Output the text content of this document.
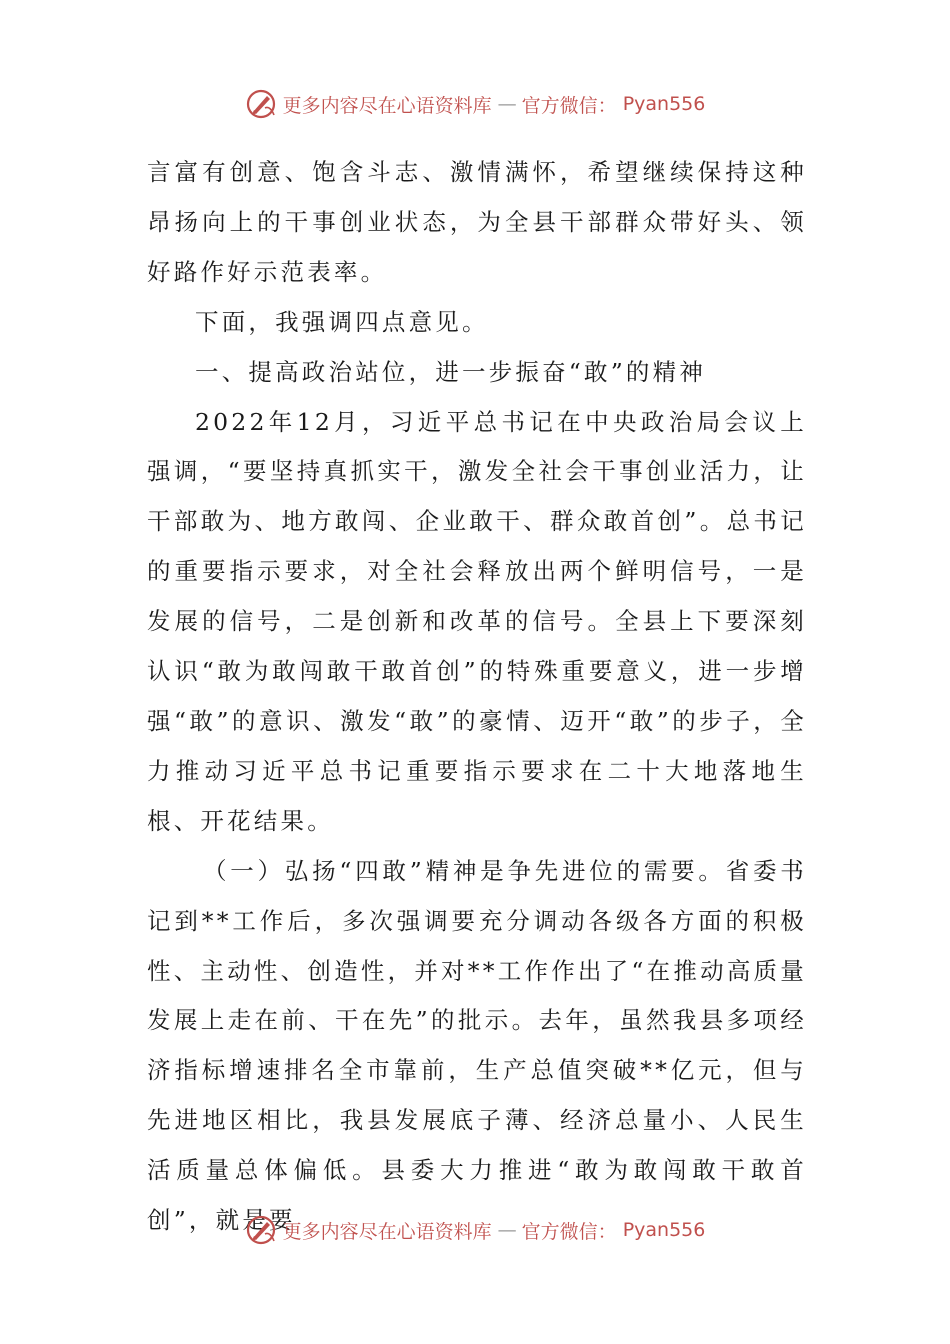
更多内容尽在心语资料库 — 官方微信： Pyan556

言富有创意、饱含斗志、激情满怀，希望继续保持这种昂扬向上的干事创业状态，为全县干部群众带好头、领好路作好示范表率。

下面，我强调四点意见。

一、提高政治站位，进一步振奋“敢”的精神

2022年12月，习近平总书记在中央政治局会议上强调，“要坚持真抓实干，激发全社会干事创业活力，让干部敢为、地方敢闯、企业敢干、群众敢首创”。总书记的重要指示要求，对全社会释放出两个鲜明信号，一是发展的信号，二是创新和改革的信号。全县上下要深刻认识“敢为敢闯敢干敢首创”的特殊重要意义，进一步增强“敢”的意识、激发“敢”的豪情、迈开“敢”的步子，全力推动习近平总书记重要指示要求在二十大地落地生根、开花结果。

（一）弘扬“四敢”精神是争先进位的需要。省委书记到**工作后，多次强调要充分调动各级各方面的积极性、主动性、创造性，并对**工作作出了“在推动高质量发展上走在前、干在先”的批示。去年，虽然我县多项经济指标增速排名全市靠前，生产总值突破**亿元，但与先进地区相比，我县发展底子薄、经济总量小、人民生活质量总体偏低。县委大力推进“敢为敢闯敢干敢首创”，就是要

更多内容尽在心语资料库 — 官方微信： Pyan556
